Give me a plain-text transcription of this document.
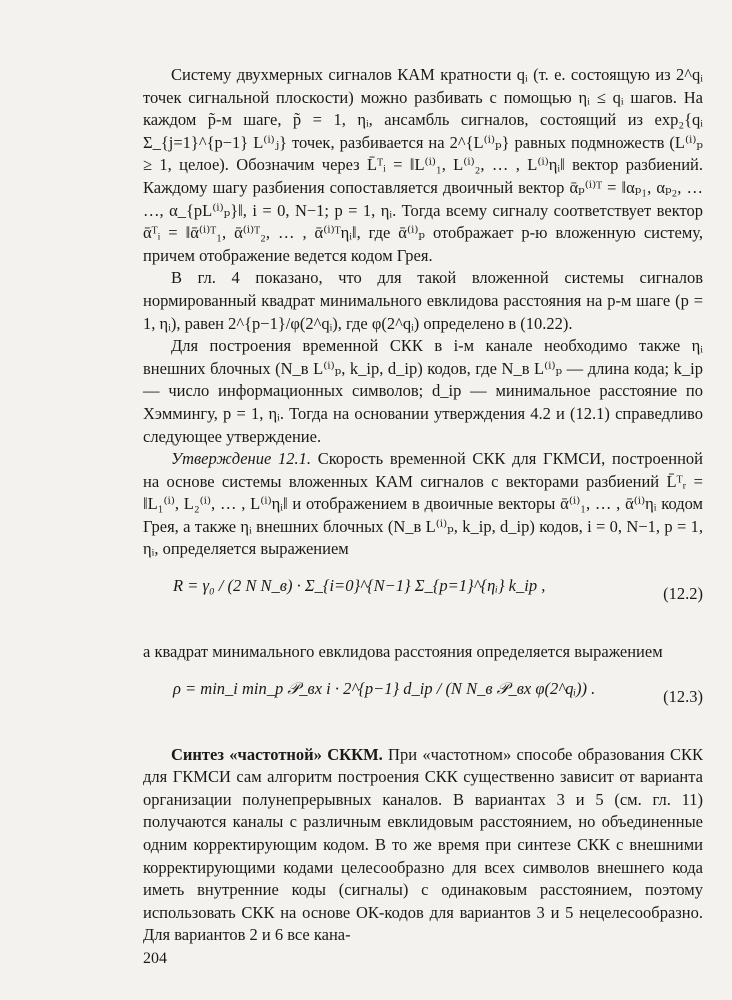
Систему двухмерных сигналов КАМ кратности qᵢ (т. е. состоящую из 2^qᵢ точек сигнальной плоскости) можно разбивать с помощью ηᵢ ≤ qᵢ шагов. На каждом p̃-м шаге, p̃ = 1, ηᵢ, ансамбль сигналов, состоящий из exp₂{qᵢ Σ_{j=1}^{p−1} L⁽ⁱ⁾ⱼ} точек, разбивается на 2^{L⁽ⁱ⁾ₚ} равных подмножеств (L⁽ⁱ⁾ₚ ≥ 1, целое). Обозначим через L̄ᵀᵢ = ‖L⁽ⁱ⁾₁, L⁽ⁱ⁾₂, … , L⁽ⁱ⁾ηᵢ‖ вектор разбиений. Каждому шагу разбиения сопоставляется двоичный вектор ᾱₚ⁽ⁱ⁾ᵀ = ‖αₚ₁, αₚ₂, … …, α_{pL⁽ⁱ⁾ₚ}‖, i = 0, N−1; p = 1, ηᵢ. Тогда всему сигналу соответствует вектор ᾱᵀᵢ = ‖ᾱ⁽ⁱ⁾ᵀ₁, ᾱ⁽ⁱ⁾ᵀ₂, … , ᾱ⁽ⁱ⁾ᵀηᵢ‖, где ᾱ⁽ⁱ⁾ₚ отображает p-ю вложенную систему, причем отображение ведется кодом Грея.

В гл. 4 показано, что для такой вложенной системы сигналов нормированный квадрат минимального евклидова расстояния на p-м шаге (p = 1, ηᵢ), равен 2^{p−1}/φ(2^qᵢ), где φ(2^qᵢ) определено в (10.22).

Для построения временной СКК в i-м канале необходимо также ηᵢ внешних блочных (N_в L⁽ⁱ⁾ₚ, k_ip, d_ip) кодов, где N_в L⁽ⁱ⁾ₚ — длина кода; k_ip — число информационных символов; d_ip — минимальное расстояние по Хэммингу, p = 1, ηᵢ. Тогда на основании утверждения 4.2 и (12.1) справедливо следующее утверждение.

Утверждение 12.1. Скорость временной СКК для ГКМСИ, построенной на основе системы вложенных КАМ сигналов с векторами разбиений L̄ᵀᵣ = ‖L₁⁽ⁱ⁾, L₂⁽ⁱ⁾, … , L⁽ⁱ⁾ηᵢ‖ и отображением в двоичные векторы ᾱ⁽ⁱ⁾₁, … , ᾱ⁽ⁱ⁾ηᵢ кодом Грея, а также ηᵢ внешних блочных (N_в L⁽ⁱ⁾ₚ, k_ip, d_ip) кодов, i = 0, N−1, p = 1, ηᵢ, определяется выражением

R = γ₀ / (2 N N_в) · Σ_{i=0}^{N−1} Σ_{p=1}^{ηᵢ} k_ip ,	(12.2)

а квадрат минимального евклидова расстояния определяется выражением

ρ = min_i min_p 𝒫_вх i · 2^{p−1} d_ip / (N N_в 𝒫_вх φ(2^qᵢ)) .	(12.3)

Синтез «частотной» СККМ. При «частотном» способе образования СКК для ГКМСИ сам алгоритм построения СКК существенно зависит от варианта организации полунепрерывных каналов. В вариантах 3 и 5 (см. гл. 11) получаются каналы с различным евклидовым расстоянием, но объединенные одним корректирующим кодом. В то же время при синтезе СКК с внешними корректирующими кодами целесообразно для всех символов внешнего кода иметь внутренние коды (сигналы) с одинаковым расстоянием, поэтому использовать СКК на основе ОК-кодов для вариантов 3 и 5 нецелесообразно. Для вариантов 2 и 6 все кана-

204
